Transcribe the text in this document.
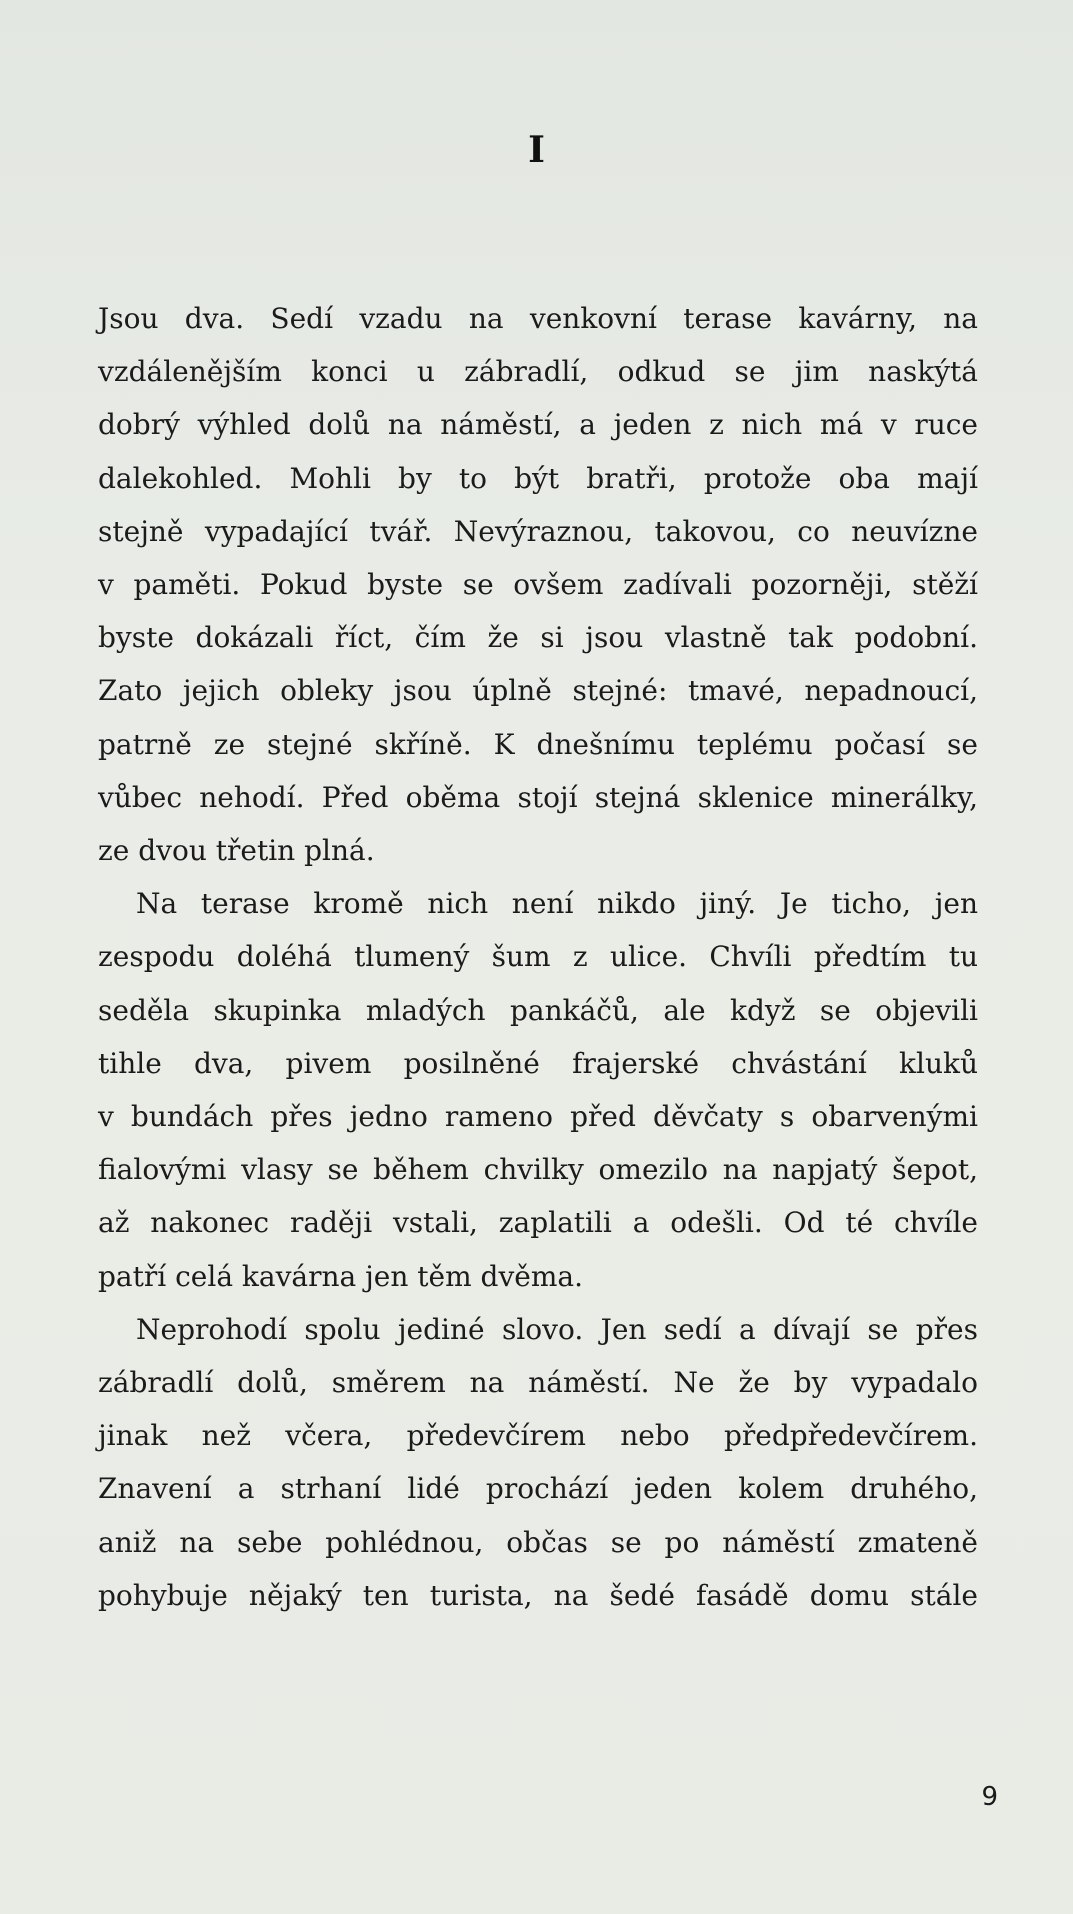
I

Jsou dva. Sedí vzadu na venkovní terase kavárny, na
vzdálenějším konci u zábradlí, odkud se jim naskýtá
dobrý výhled dolů na náměstí, a jeden z nich má v ruce
dalekohled. Mohli by to být bratři, protože oba mají
stejně vypadající tvář. Nevýraznou, takovou, co neuvízne
v paměti. Pokud byste se ovšem zadívali pozorněji, stěží
byste dokázali říct, čím že si jsou vlastně tak podobní.
Zato jejich obleky jsou úplně stejné: tmavé, nepadnoucí,
patrně ze stejné skříně. K dnešnímu teplému počasí se
vůbec nehodí. Před oběma stojí stejná sklenice minerálky,
ze dvou třetin plná.

Na terase kromě nich není nikdo jiný. Je ticho, jen
zespodu doléhá tlumený šum z ulice. Chvíli předtím tu
seděla skupinka mladých pankáčů, ale když se objevili
tihle dva, pivem posilněné frajerské chvástání kluků
v bundách přes jedno rameno před děvčaty s obarvenými
fialovými vlasy se během chvilky omezilo na napjatý šepot,
až nakonec raději vstali, zaplatili a odešli. Od té chvíle
patří celá kavárna jen těm dvěma.

Neprohodí spolu jediné slovo. Jen sedí a dívají se přes
zábradlí dolů, směrem na náměstí. Ne že by vypadalo
jinak než včera, předevčírem nebo předpředevčírem.
Znavení a strhaní lidé prochází jeden kolem druhého,
aniž na sebe pohlédnou, občas se po náměstí zmateně
pohybuje nějaký ten turista, na šedé fasádě domu stále

9
